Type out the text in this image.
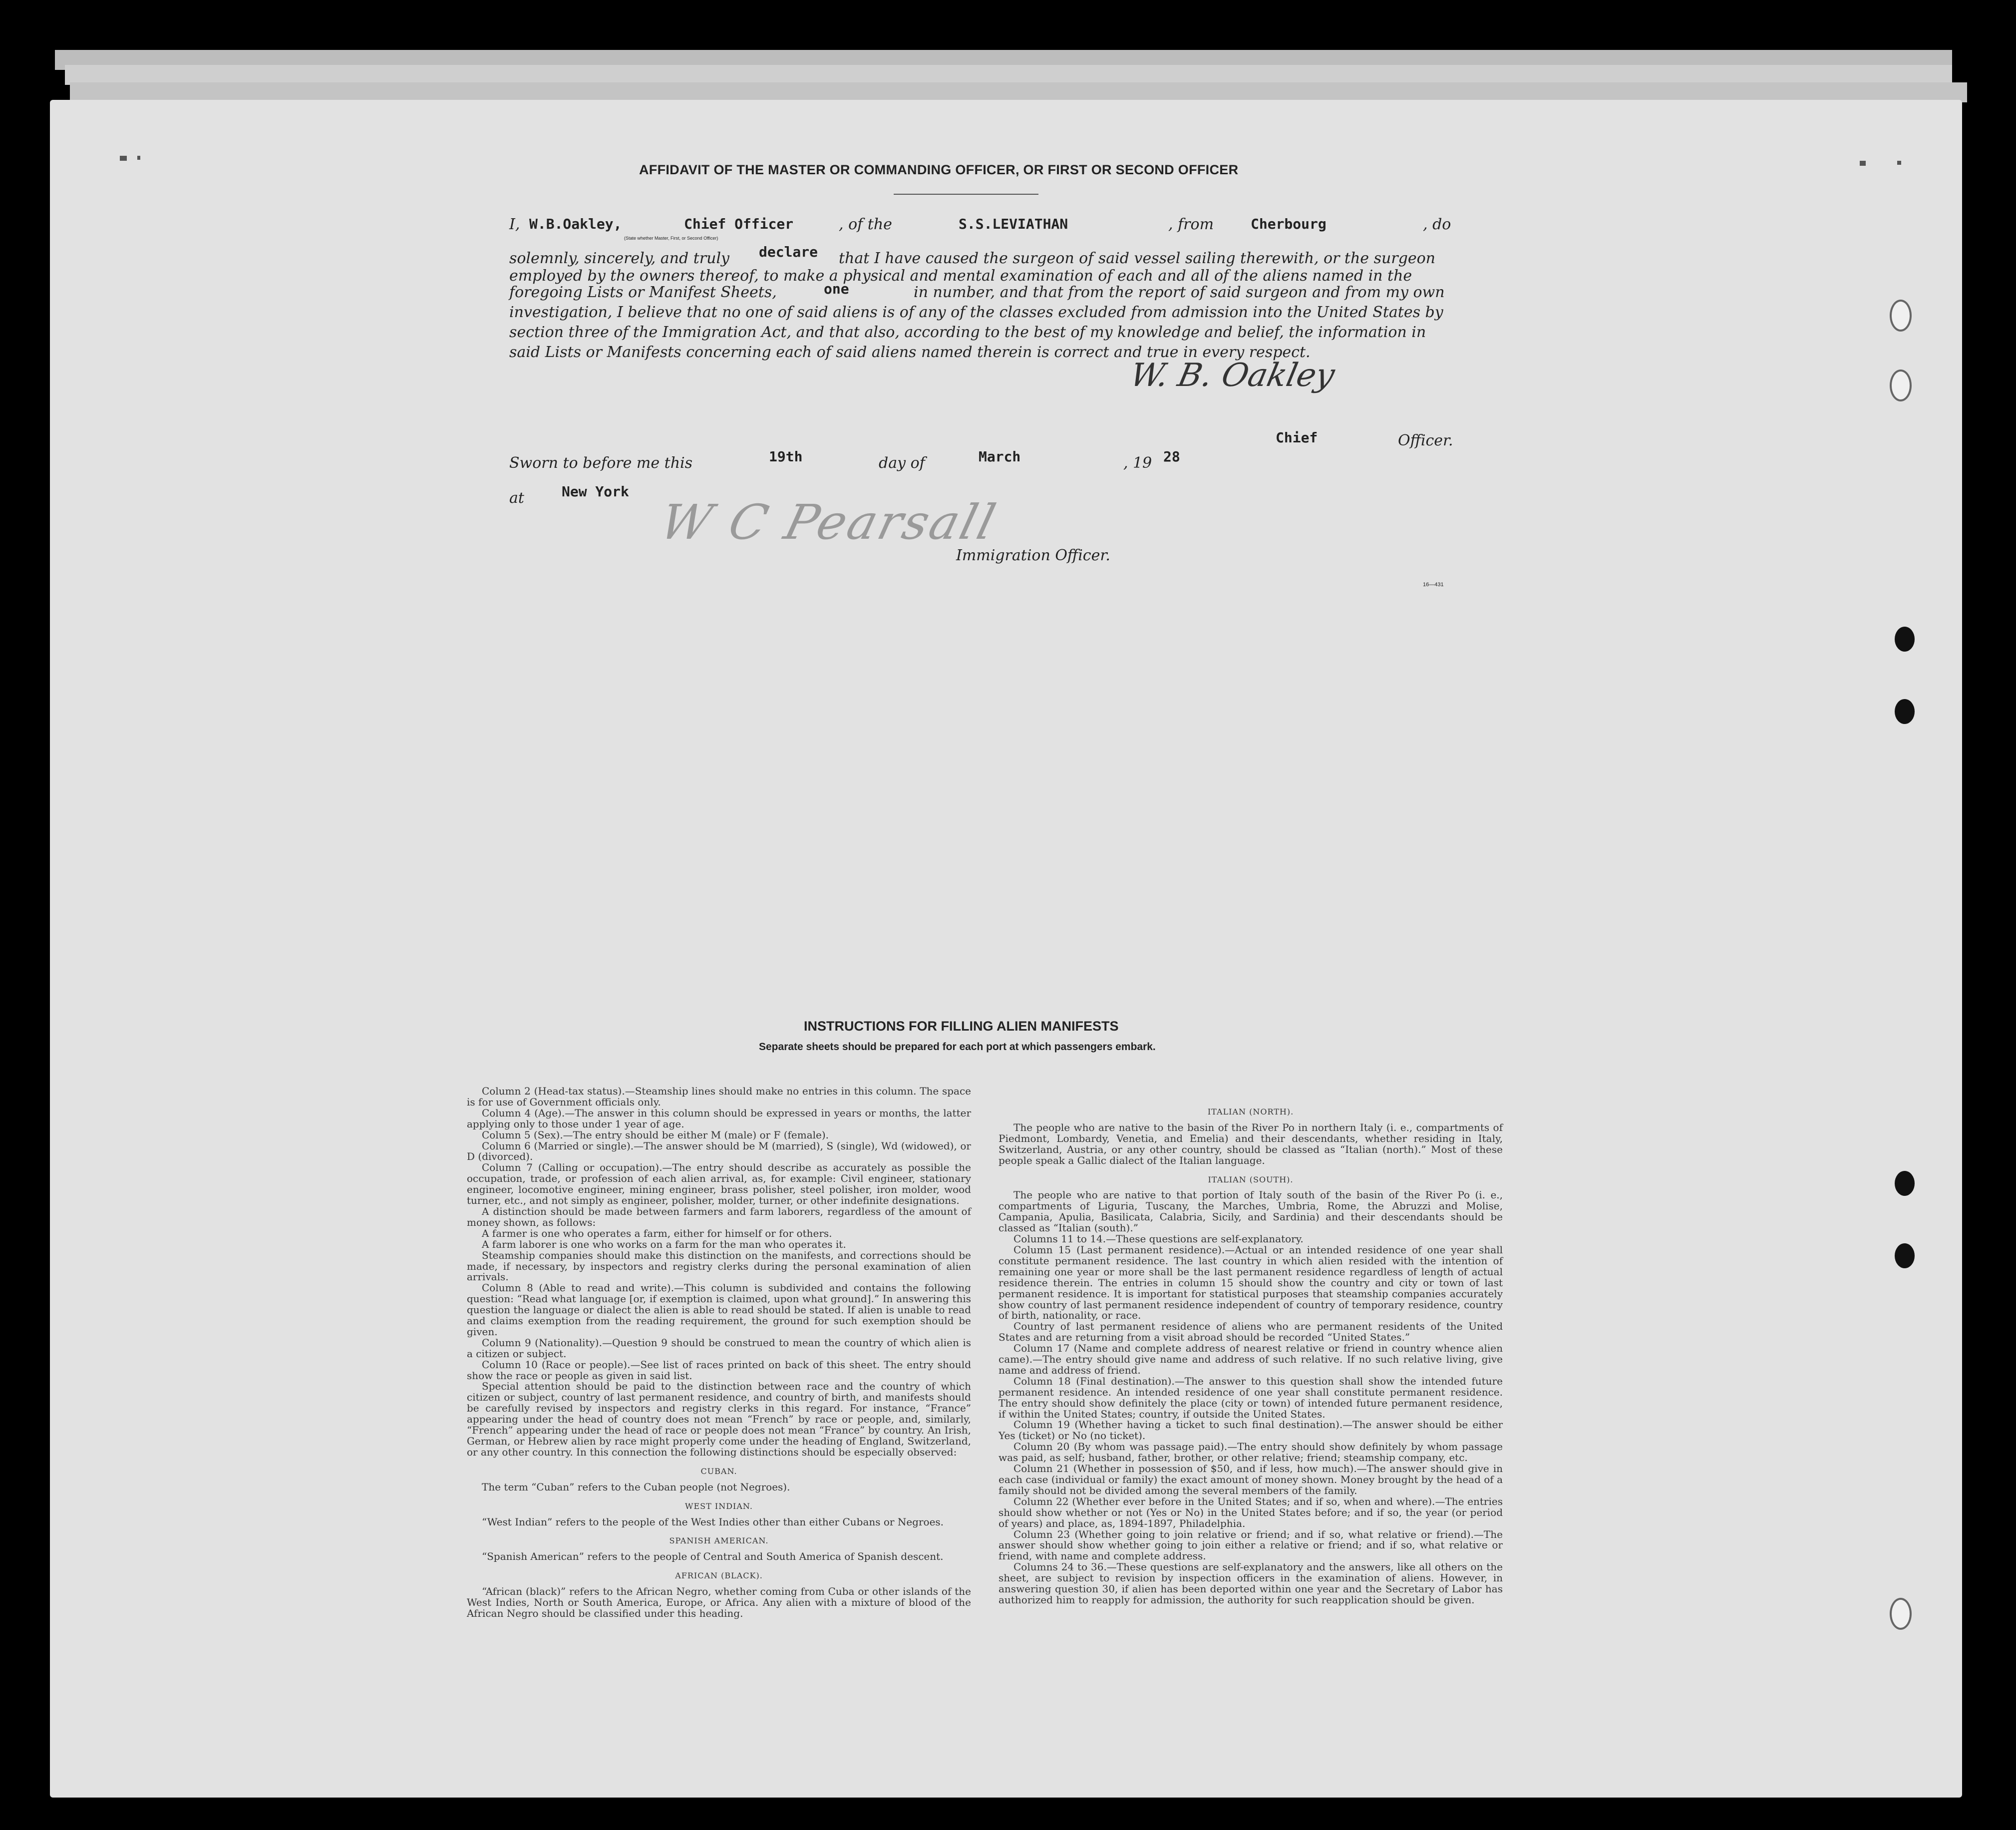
AFFIDAVIT OF THE MASTER OR COMMANDING OFFICER, OR FIRST OR SECOND OFFICER

I, W.B.Oakley,	Chief Officer
(State whether Master, First, or Second Officer)

, of the	S.S.LEVIATHAN	, from	Cherbourg	, do

solemnly, sincerely, and truly declare that I have caused the surgeon of said vessel sailing therewith, or the surgeon

employed by the owners thereof, to make a physical and mental examination of each and all of the aliens named in the

foregoing Lists or Manifest Sheets,	one	in number, and that from the report of said surgeon and from my own

investigation, I believe that no one of said aliens is of any of the classes excluded from admission into the United States by

section three of the Immigration Act, and that also, according to the best of my knowledge and belief, the information in

said Lists or Manifests concerning each of said aliens named therein is correct and true in every respect.

W. B. Oakley
Chief	Officer.

Sworn to before me this	19th	day of	March	, 19 28

at	New York
W C Pearsall

Immigration Officer.

16—431
INSTRUCTIONS FOR FILLING ALIEN MANIFESTS
Separate sheets should be prepared for each port at which passengers embark.

Column 2 (Head-tax status).—Steamship lines should make no entries in this column. The space is for use of Government officials only.

Column 4 (Age).—The answer in this column should be expressed in years or months, the latter applying only to those under 1 year of age.

Column 5 (Sex).—The entry should be either M (male) or F (female).

Column 6 (Married or single).—The answer should be M (married), S (single), Wd (widowed), or D (divorced).

Column 7 (Calling or occupation).—The entry should describe as accurately as possible the occupation, trade, or profession of each alien arrival, as, for example: Civil engineer, stationary engineer, locomotive engineer, mining engineer, brass polisher, steel polisher, iron molder, wood turner, etc., and not simply as engineer, polisher, molder, turner, or other indefinite designations.

A distinction should be made between farmers and farm laborers, regardless of the amount of money shown, as follows:

A farmer is one who operates a farm, either for himself or for others.

A farm laborer is one who works on a farm for the man who operates it.

Steamship companies should make this distinction on the manifests, and corrections should be made, if necessary, by inspectors and registry clerks during the personal examination of alien arrivals.

Column 8 (Able to read and write).—This column is subdivided and contains the following question: “Read what language [or, if exemption is claimed, upon what ground].” In answering this question the language or dialect the alien is able to read should be stated. If alien is unable to read and claims exemption from the reading requirement, the ground for such exemption should be given.

Column 9 (Nationality).—Question 9 should be construed to mean the country of which alien is a citizen or subject.

Column 10 (Race or people).—See list of races printed on back of this sheet. The entry should show the race or people as given in said list.

Special attention should be paid to the distinction between race and the country of which citizen or subject, country of last permanent residence, and country of birth, and manifests should be carefully revised by inspectors and registry clerks in this regard. For instance, “France” appearing under the head of country does not mean “French” by race or people, and, similarly, “French” appearing under the head of race or people does not mean “France” by country. An Irish, German, or Hebrew alien by race might properly come under the heading of England, Switzerland, or any other country. In this connection the following distinctions should be especially observed:

CUBAN.

The term “Cuban” refers to the Cuban people (not Negroes).

WEST INDIAN.

“West Indian” refers to the people of the West Indies other than either Cubans or Negroes.

SPANISH AMERICAN.

“Spanish American” refers to the people of Central and South America of Spanish descent.

AFRICAN (BLACK).

“African (black)” refers to the African Negro, whether coming from Cuba or other islands of the West Indies, North or South America, Europe, or Africa. Any alien with a mixture of blood of the African Negro should be classified under this heading.

ITALIAN (NORTH).

The people who are native to the basin of the River Po in northern Italy (i. e., compartments of Piedmont, Lombardy, Venetia, and Emelia) and their descendants, whether residing in Italy, Switzerland, Austria, or any other country, should be classed as “Italian (north).” Most of these people speak a Gallic dialect of the Italian language.

ITALIAN (SOUTH).

The people who are native to that portion of Italy south of the basin of the River Po (i. e., compartments of Liguria, Tuscany, the Marches, Umbria, Rome, the Abruzzi and Molise, Campania, Apulia, Basilicata, Calabria, Sicily, and Sardinia) and their descendants should be classed as “Italian (south).”

Columns 11 to 14.—These questions are self-explanatory.

Column 15 (Last permanent residence).—Actual or an intended residence of one year shall constitute permanent residence. The last country in which alien resided with the intention of remaining one year or more shall be the last permanent residence regardless of length of actual residence therein. The entries in column 15 should show the country and city or town of last permanent residence. It is important for statistical purposes that steamship companies accurately show country of last permanent residence independent of country of temporary residence, country of birth, nationality, or race.

Country of last permanent residence of aliens who are permanent residents of the United States and are returning from a visit abroad should be recorded “United States.”

Column 17 (Name and complete address of nearest relative or friend in country whence alien came).—The entry should give name and address of such relative. If no such relative living, give name and address of friend.

Column 18 (Final destination).—The answer to this question shall show the intended future permanent residence. An intended residence of one year shall constitute permanent residence. The entry should show definitely the place (city or town) of intended future permanent residence, if within the United States; country, if outside the United States.

Column 19 (Whether having a ticket to such final destination).—The answer should be either Yes (ticket) or No (no ticket).

Column 20 (By whom was passage paid).—The entry should show definitely by whom passage was paid, as self; husband, father, brother, or other relative; friend; steamship company, etc.

Column 21 (Whether in possession of $50, and if less, how much).—The answer should give in each case (individual or family) the exact amount of money shown. Money brought by the head of a family should not be divided among the several members of the family.

Column 22 (Whether ever before in the United States; and if so, when and where).—The entries should show whether or not (Yes or No) in the United States before; and if so, the year (or period of years) and place, as, 1894-1897, Philadelphia.

Column 23 (Whether going to join relative or friend; and if so, what relative or friend).—The answer should show whether going to join either a relative or friend; and if so, what relative or friend, with name and complete address.

Columns 24 to 36.—These questions are self-explanatory and the answers, like all others on the sheet, are subject to revision by inspection officers in the examination of aliens. However, in answering question 30, if alien has been deported within one year and the Secretary of Labor has authorized him to reapply for admission, the authority for such reapplication should be given.
